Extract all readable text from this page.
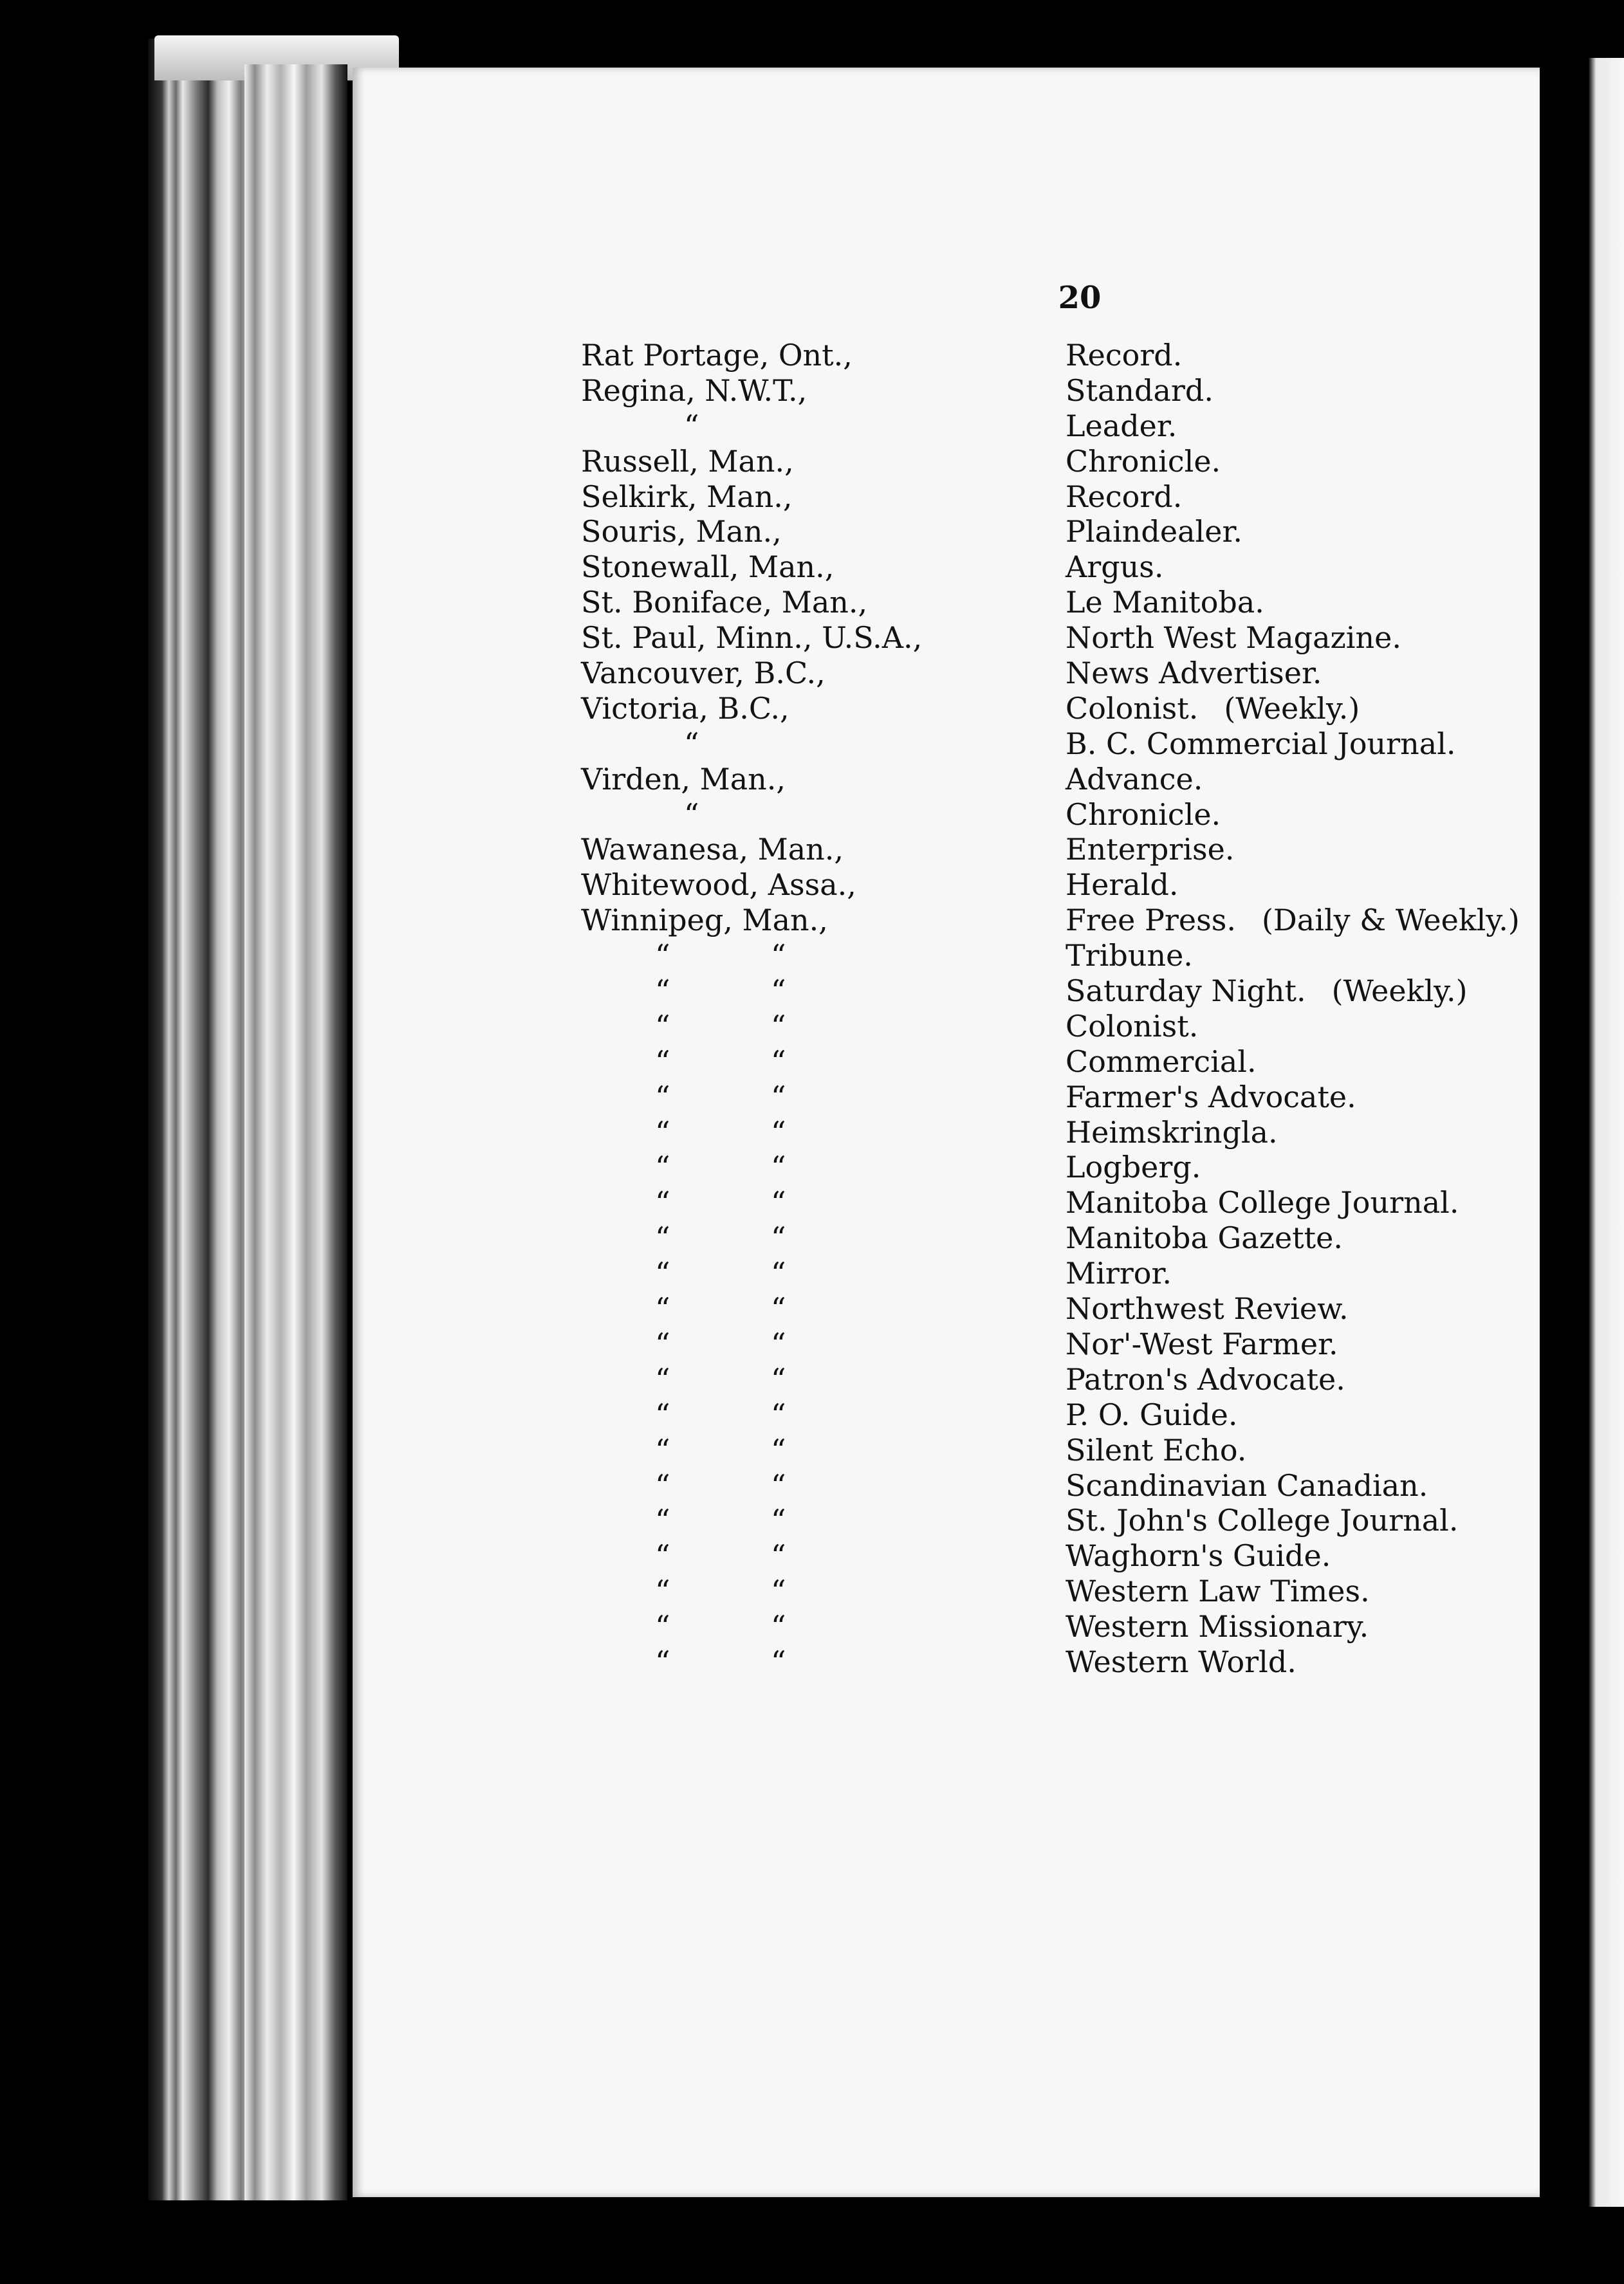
20
Rat Portage, Ont.,	Record.
Regina, N.W.T.,	Standard.
“	Leader.
Russell, Man.,	Chronicle.
Selkirk, Man.,	Record.
Souris, Man.,	Plaindealer.
Stonewall, Man.,	Argus.
St. Boniface, Man.,	Le Manitoba.
St. Paul, Minn., U.S.A.,	North West Magazine.
Vancouver, B.C.,	News Advertiser.
Victoria, B.C.,	Colonist. (Weekly.)
“	B. C. Commercial Journal.
Virden, Man.,	Advance.
“	Chronicle.
Wawanesa, Man.,	Enterprise.
Whitewood, Assa.,	Herald.
Winnipeg, Man.,	Free Press. (Daily & Weekly.)
“	“	Tribune.
“	“	Saturday Night. (Weekly.)
“	“	Colonist.
“	“	Commercial.
“	“	Farmer's Advocate.
“	“	Heimskringla.
“	“	Logberg.
“	“	Manitoba College Journal.
“	“	Manitoba Gazette.
“	“	Mirror.
“	“	Northwest Review.
“	“	Nor'-West Farmer.
“	“	Patron's Advocate.
“	“	P. O. Guide.
“	“	Silent Echo.
“	“	Scandinavian Canadian.
“	“	St. John's College Journal.
“	“	Waghorn's Guide.
“	“	Western Law Times.
“	“	Western Missionary.
“	“	Western World.
